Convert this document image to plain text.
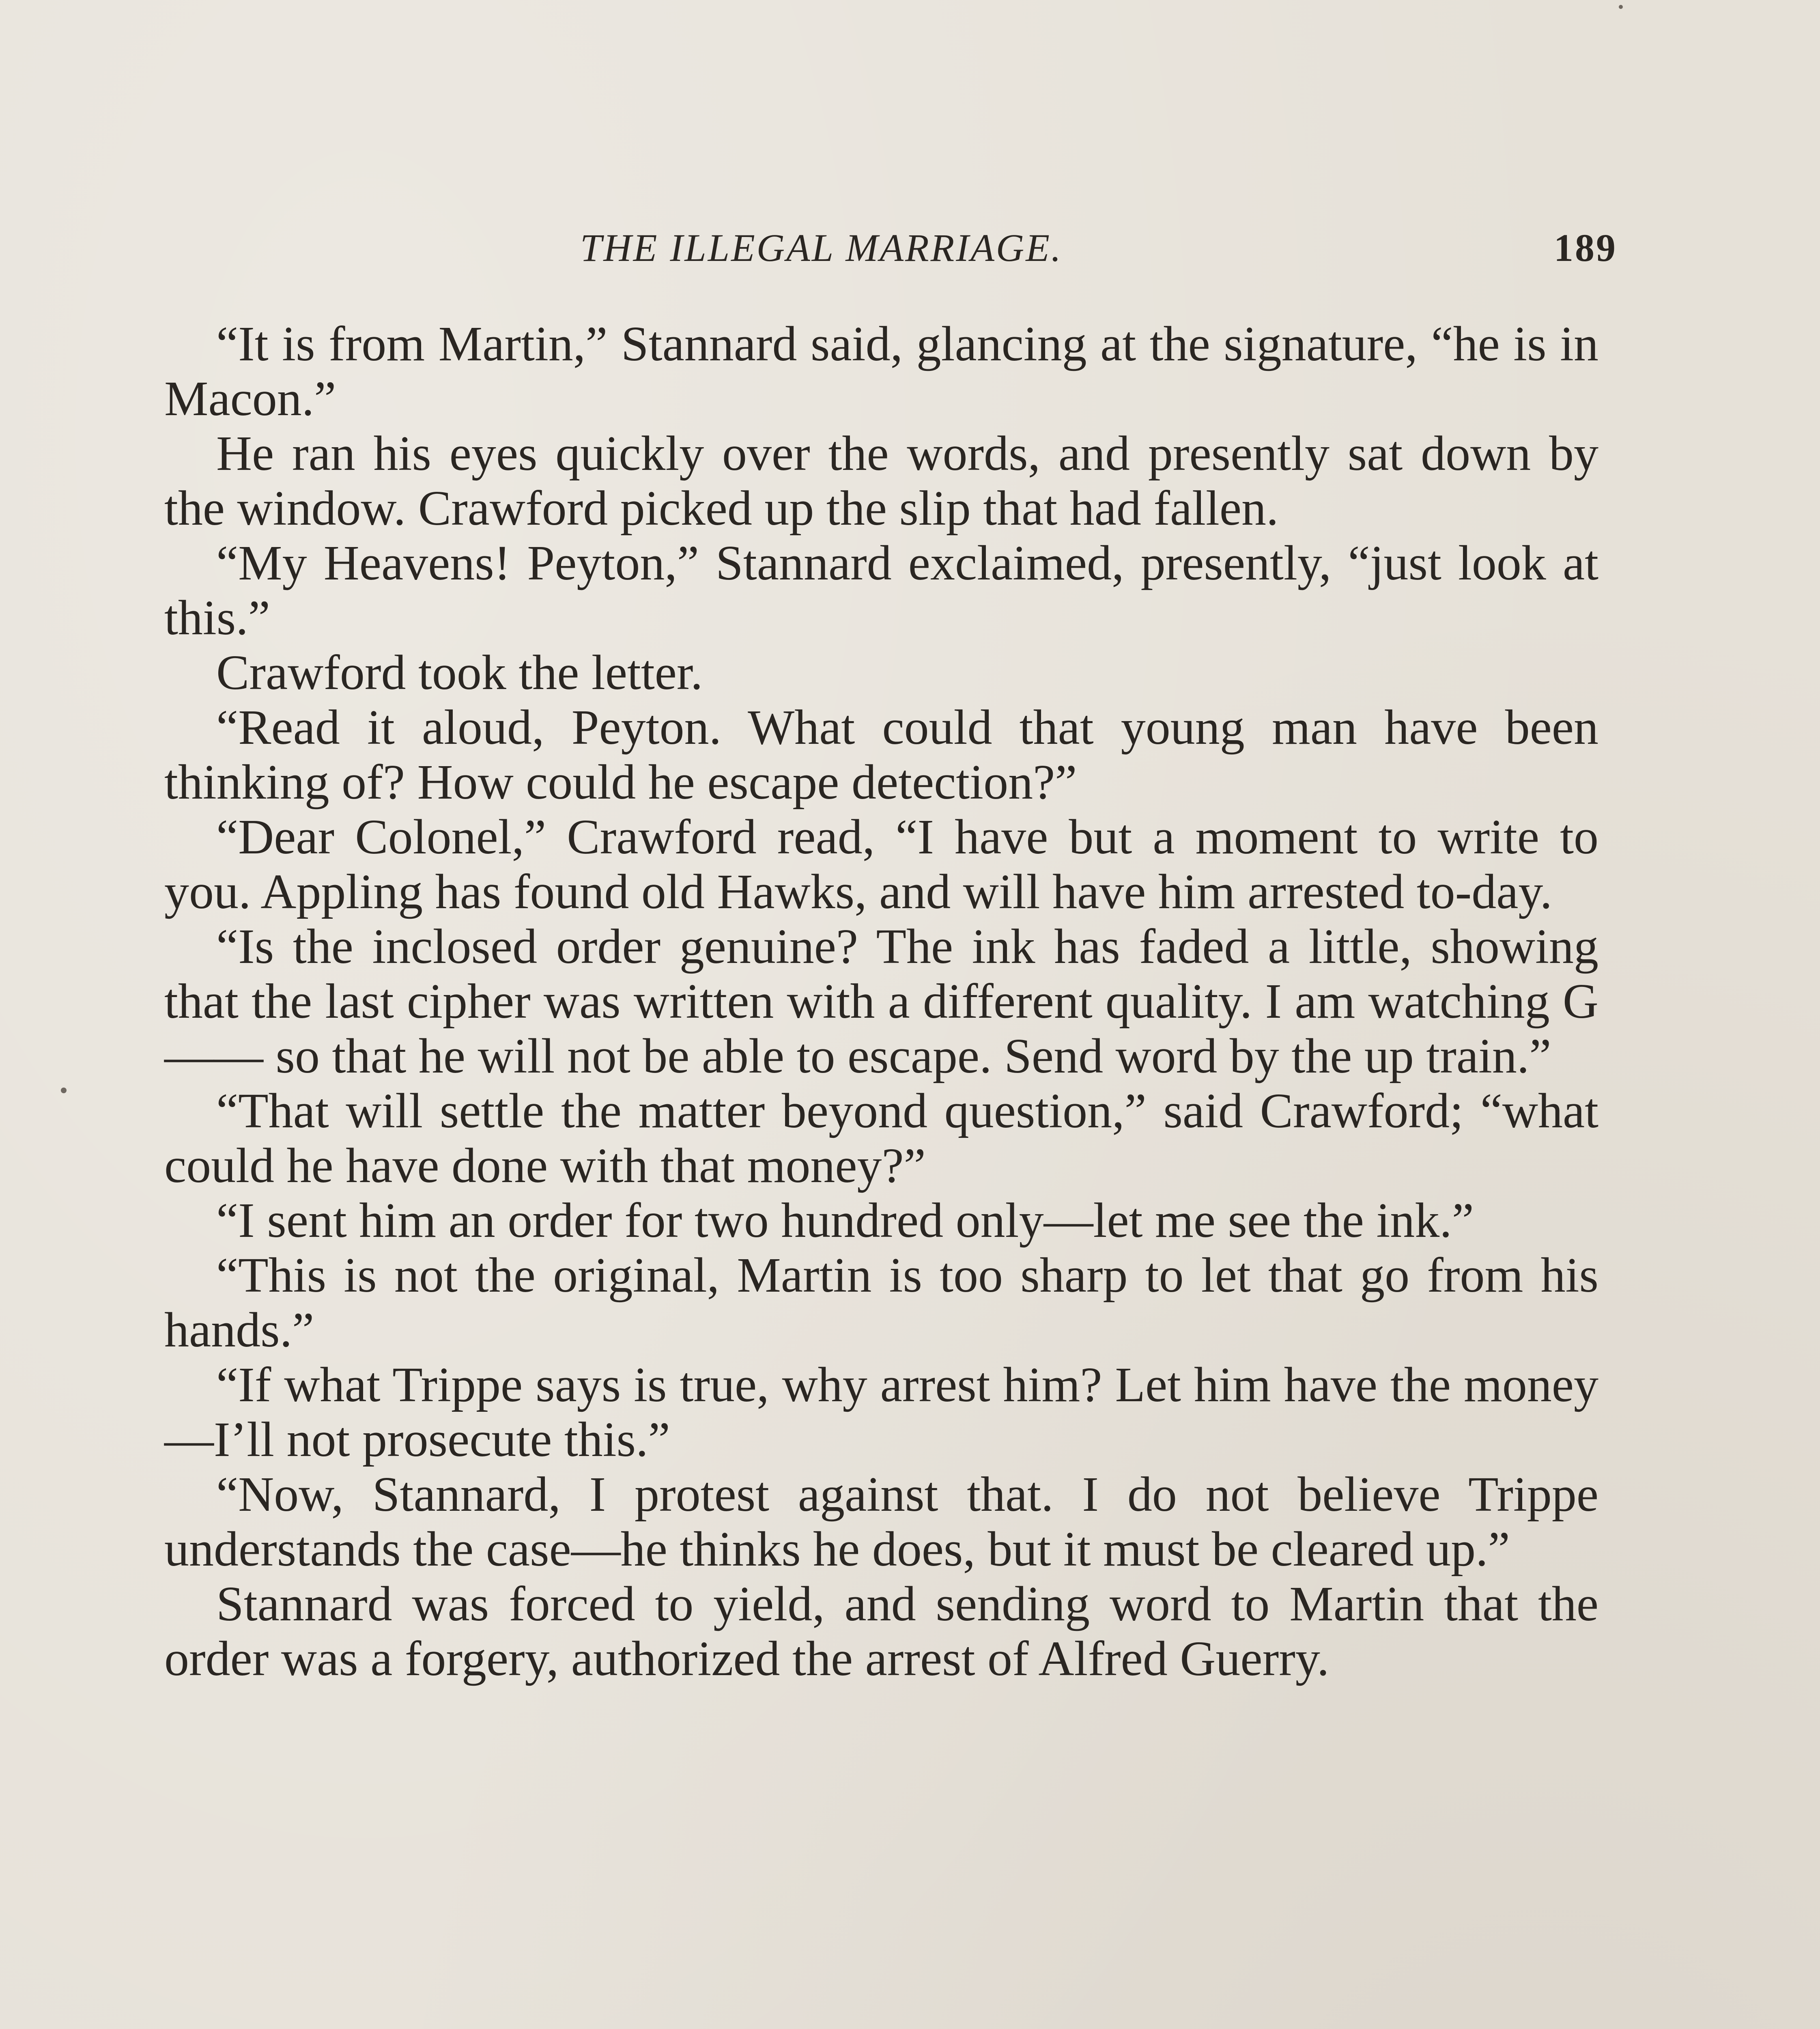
THE ILLEGAL MARRIAGE.	189

“It is from Martin,” Stannard said, glancing at the signature, “he is in Macon.”

He ran his eyes quickly over the words, and presently sat down by the window. Crawford picked up the slip that had fallen.

“My Heavens! Peyton,” Stannard exclaimed, presently, “just look at this.”

Crawford took the letter.

“Read it aloud, Peyton. What could that young man have been thinking of? How could he escape detection?”

“Dear Colonel,” Crawford read, “I have but a moment to write to you. Appling has found old Hawks, and will have him arrested to-day.

“Is the inclosed order genuine? The ink has faded a little, showing that the last cipher was written with a different quality. I am watching G—— so that he will not be able to escape. Send word by the up train.”

“That will settle the matter beyond question,” said Crawford; “what could he have done with that money?”

“I sent him an order for two hundred only—let me see the ink.”

“This is not the original, Martin is too sharp to let that go from his hands.”

“If what Trippe says is true, why arrest him? Let him have the money—I’ll not prosecute this.”

“Now, Stannard, I protest against that. I do not believe Trippe understands the case—he thinks he does, but it must be cleared up.”

Stannard was forced to yield, and sending word to Martin that the order was a forgery, authorized the arrest of Alfred Guerry.
